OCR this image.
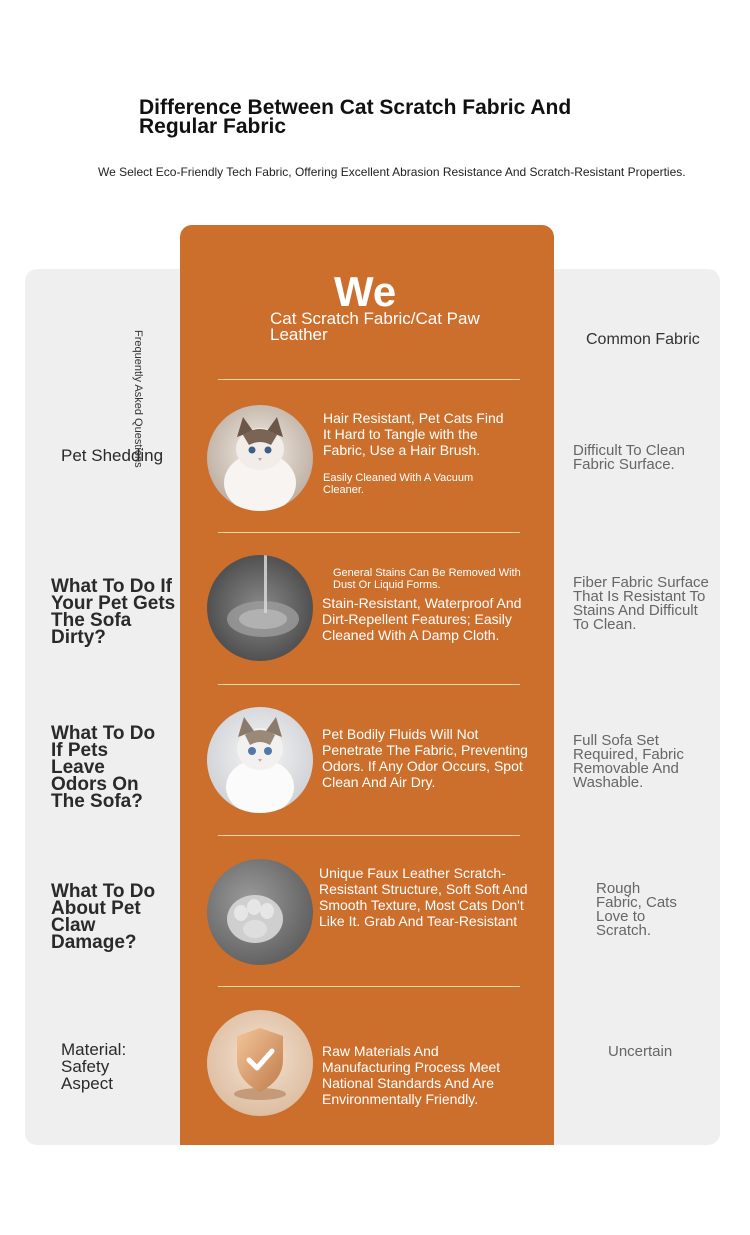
Difference Between Cat Scratch Fabric And Regular Fabric
We Select Eco-Friendly Tech Fabric, Offering Excellent Abrasion Resistance And Scratch-Resistant Properties.
We
Cat Scratch Fabric/Cat Paw Leather	Common Fabric
Frequently Asked Questions
Pet Shedding
Hair Resistant, Pet Cats Find It Hard to Tangle with the Fabric, Use a Hair Brush.
Easily Cleaned With A Vacuum Cleaner.
Difficult To Clean Fabric Surface.
What To Do If Your Pet Gets The Sofa Dirty?
General Stains Can Be Removed With Dust Or Liquid Forms.
Stain-Resistant, Waterproof And Dirt-Repellent Features; Easily Cleaned With A Damp Cloth.
Fiber Fabric Surface That Is Resistant To Stains And Difficult To Clean.
What To Do If Pets Leave Odors On The Sofa?
Pet Bodily Fluids Will Not Penetrate The Fabric, Preventing Odors. If Any Odor Occurs, Spot Clean And Air Dry.
Full Sofa Set Required, Fabric Removable And Washable.
What To Do About Pet Claw Damage?
Unique Faux Leather Scratch-Resistant Structure, Soft Soft And Smooth Texture, Most Cats Don't Like It. Grab And Tear-Resistant
Rough Fabric, Cats Love to Scratch.
Material: Safety Aspect
Raw Materials And Manufacturing Process Meet National Standards And Are Environmentally Friendly.
Uncertain
